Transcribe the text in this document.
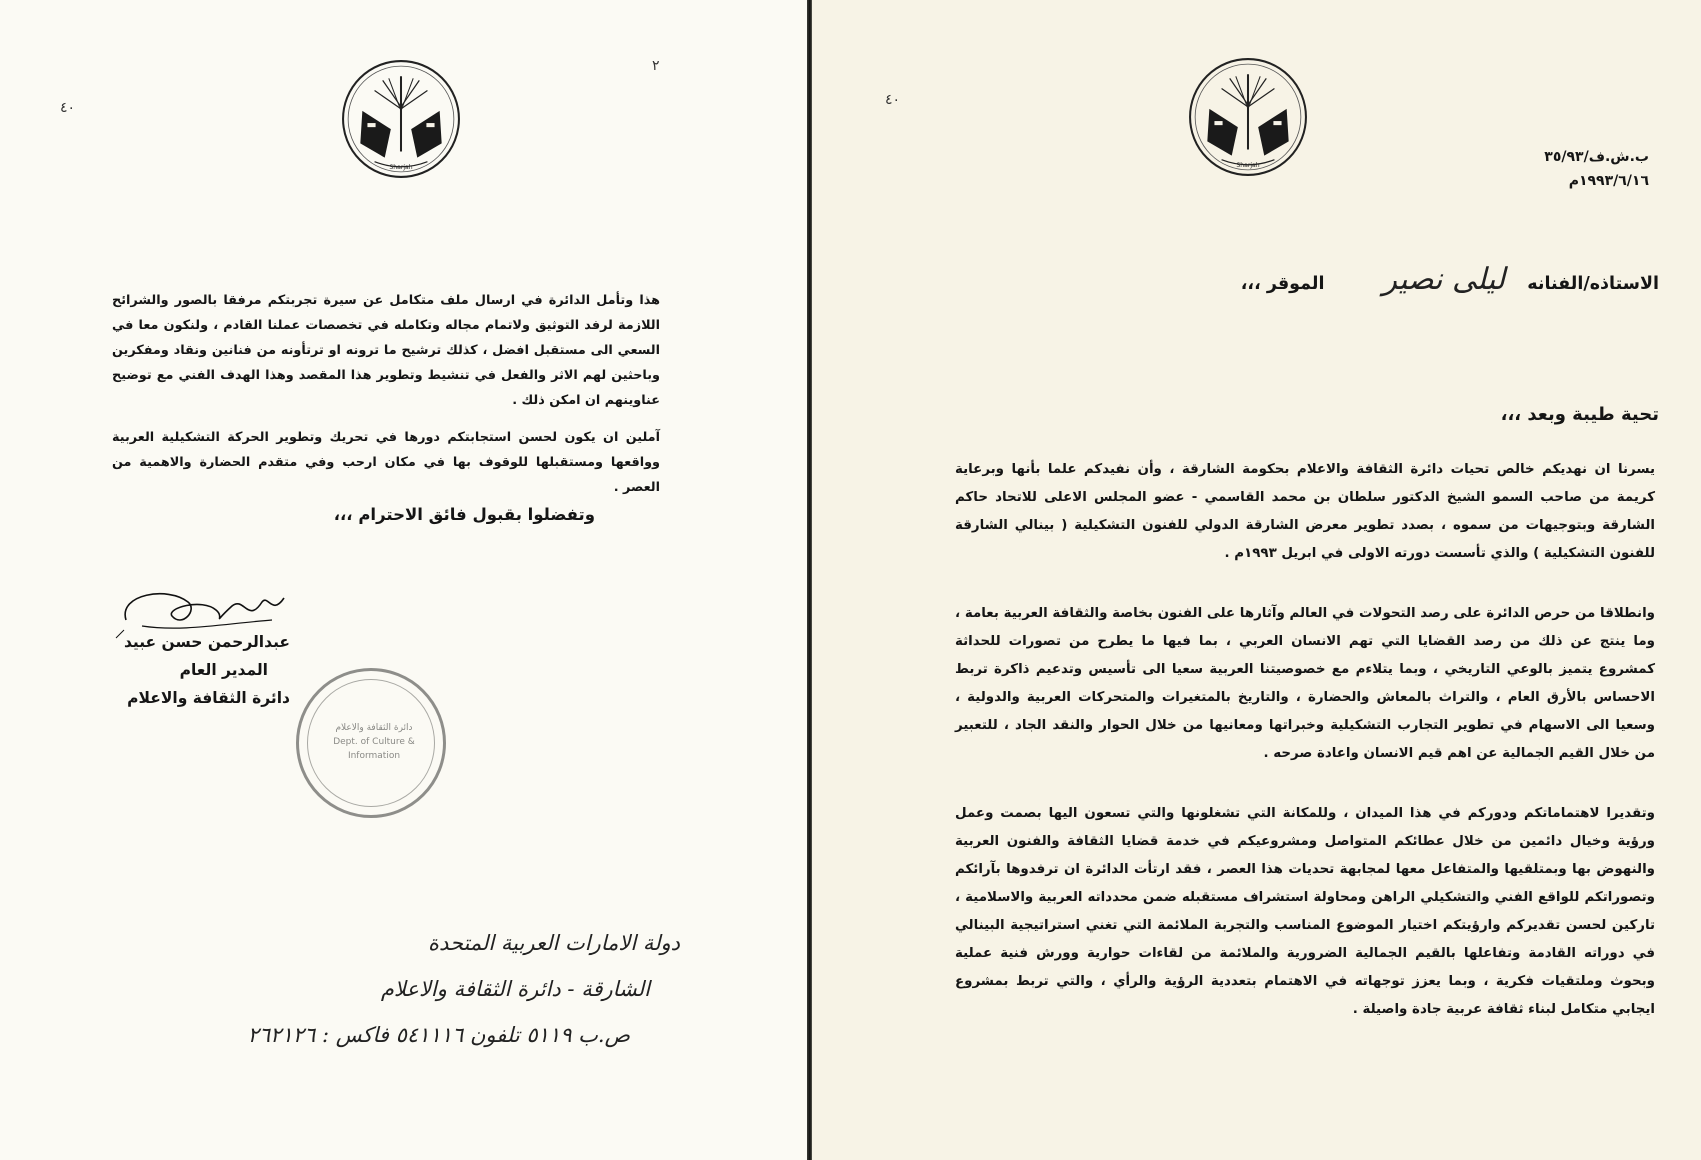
Sharjah
٢
٤٠

هذا وتأمل الدائرة في ارسال ملف متكامل عن سيرة تجربتكم مرفقا بالصور والشرائح اللازمة لرفد التوثيق ولاتمام مجاله وتكامله في تخصصات عملنا القادم ، ولنكون معا في السعي الى مستقبل افضل ، كذلك ترشيح ما ترونه او ترتأونه من فنانين ونقاد ومفكرين وباحثين لهم الاثر والفعل في تنشيط وتطوير هذا المقصد وهذا الهدف الفني مع توضيح عناوينهم ان امكن ذلك .

آملين ان يكون لحسن استجابتكم دورها في تحريك وتطوير الحركة التشكيلية العربية وواقعها ومستقبلها للوقوف بها في مكان ارحب وفي متقدم الحضارة والاهمية من العصر .

وتفضلوا بقبول فائق الاحترام ،،،
عبدالرحمن حسن عبيد
المدير العام
دائرة الثقافة والاعلام
دائرة الثقافة والاعلام
Dept. of Culture &
Information
دولة الامارات العربية المتحدة
الشارقة - دائرة الثقافة والاعلام
ص.ب ٥١١٩ تلفون ٥٤١١١٦ فاكس : ٢٦٢١٢٦
Sharjah
٤٠
ب.ش.ف/٣٥/٩٣
١٩٩٣/٦/١٦م
الاستاذه/الفنانه ليلى نصير الموقر ،،،
تحية طيبة وبعد ،،،

يسرنا ان نهديكم خالص تحيات دائرة الثقافة والاعلام بحكومة الشارقة ، وأن نفيدكم علما بأنها وبرعاية كريمة من صاحب السمو الشيخ الدكتور سلطان بن محمد القاسمي - عضو المجلس الاعلى للاتحاد حاكم الشارقة وبتوجيهات من سموه ، بصدد تطوير معرض الشارقة الدولي للفنون التشكيلية ( بينالي الشارقة للفنون التشكيلية ) والذي تأسست دورته الاولى في ابريل ١٩٩٣م .

وانطلاقا من حرص الدائرة على رصد التحولات في العالم وآثارها على الفنون بخاصة والثقافة العربية بعامة ، وما ينتج عن ذلك من رصد القضايا التي تهم الانسان العربي ، بما فيها ما يطرح من تصورات للحداثة كمشروع يتميز بالوعي التاريخي ، وبما يتلاءم مع خصوصيتنا العربية سعيا الى تأسيس وتدعيم ذاكرة تربط الاحساس بالأرق العام ، والتراث بالمعاش والحضارة ، والتاريخ بالمتغيرات والمتحركات العربية والدولية ، وسعيا الى الاسهام في تطوير التجارب التشكيلية وخبراتها ومعانيها من خلال الحوار والنقد الجاد ، للتعبير من خلال القيم الجمالية عن اهم قيم الانسان واعادة صرحه .

وتقديرا لاهتماماتكم ودوركم في هذا الميدان ، وللمكانة التي تشغلونها والتي تسعون اليها بصمت وعمل ورؤية وخيال دائمين من خلال عطائكم المتواصل ومشروعيكم في خدمة قضايا الثقافة والفنون العربية والنهوض بها وبمتلقيها والمتفاعل معها لمجابهة تحديات هذا العصر ، فقد ارتأت الدائرة ان ترفدوها بآرائكم وتصوراتكم للواقع الفني والتشكيلي الراهن ومحاولة استشراف مستقبله ضمن محدداته العربية والاسلامية ، تاركين لحسن تقديركم وارؤيتكم اختيار الموضوع المناسب والتجربة الملائمة التي تغني استراتيجية البينالي في دوراته القادمة وتفاعلها بالقيم الجمالية الضرورية والملائمة من لقاءات حوارية وورش فنية عملية وبحوث وملتقيات فكرية ، وبما يعزز توجهاته في الاهتمام بتعددية الرؤية والرأي ، والتي تربط بمشروع ايجابي متكامل لبناء ثقافة عربية جادة واصيلة .
